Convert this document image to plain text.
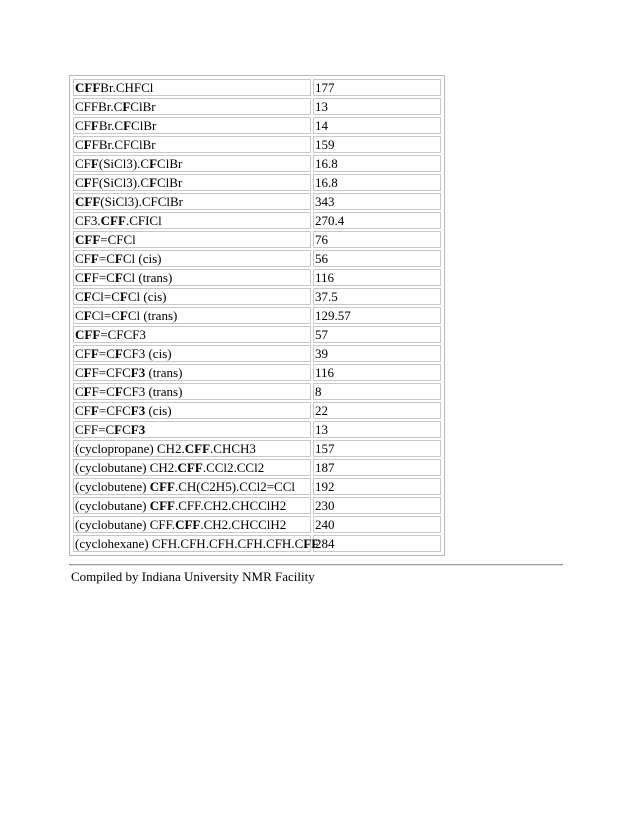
CFFBr.CHFCl	177
CFFBr.CFClBr	13
CFFBr.CFClBr	14
CFFBr.CFClBr	159
CFF(SiCl3).CFClBr	16.8
CFF(SiCl3).CFClBr	16.8
CFF(SiCl3).CFClBr	343
CF3.CFF.CFICl	270.4
CFF=CFCl	76
CFF=CFCl (cis)	56
CFF=CFCl (trans)	116
CFCl=CFCl (cis)	37.5
CFCl=CFCl (trans)	129.57
CFF=CFCF3	57
CFF=CFCF3 (cis)	39
CFF=CFCF3 (trans)	116
CFF=CFCF3 (trans)	8
CFF=CFCF3 (cis)	22
CFF=CFCF3	13
(cyclopropane) CH2.CFF.CHCH3	157
(cyclobutane) CH2.CFF.CCl2.CCl2	187
(cyclobutene) CFF.CH(C2H5).CCl2=CCl	192
(cyclobutane) CFF.CFF.CH2.CHCClH2	230
(cyclobutane) CFF.CFF.CH2.CHCClH2	240
(cyclohexane) CFH.CFH.CFH.CFH.CFH.CFF	284
Compiled by Indiana University NMR Facility
